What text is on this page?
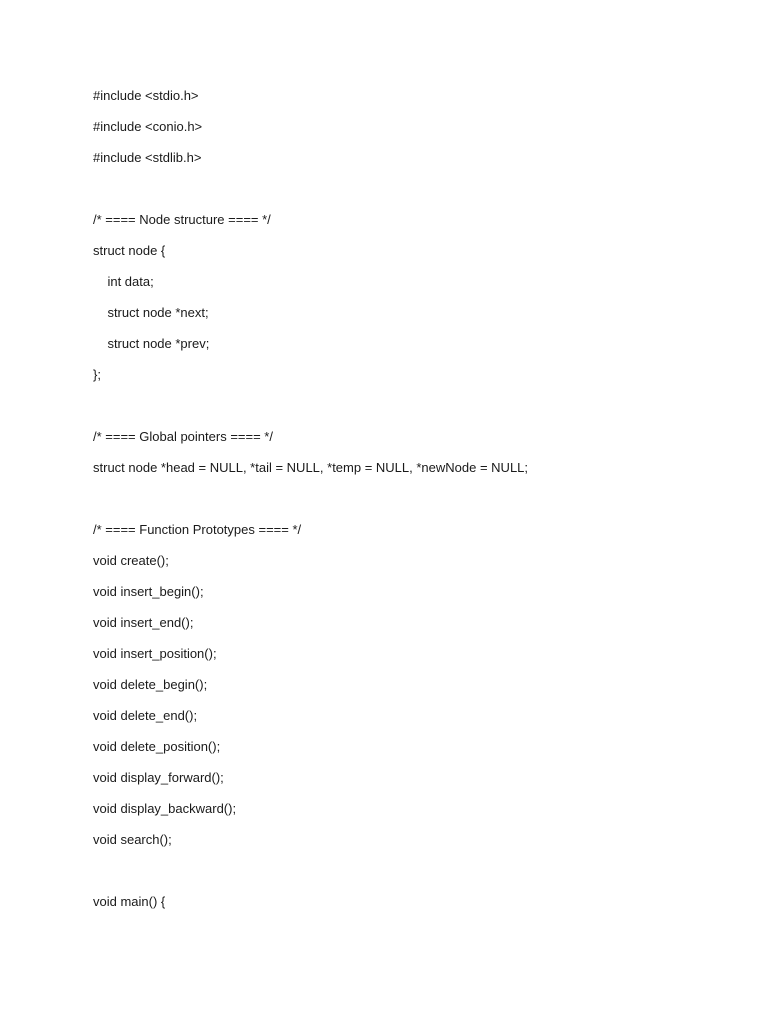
#include <stdio.h>
#include <conio.h>
#include <stdlib.h>
/* ==== Node structure ==== */
struct node {
int data;
struct node *next;
struct node *prev;
};
/* ==== Global pointers ==== */
struct node *head = NULL, *tail = NULL, *temp = NULL, *newNode = NULL;
/* ==== Function Prototypes ==== */
void create();
void insert_begin();
void insert_end();
void insert_position();
void delete_begin();
void delete_end();
void delete_position();
void display_forward();
void display_backward();
void search();
void main() {
